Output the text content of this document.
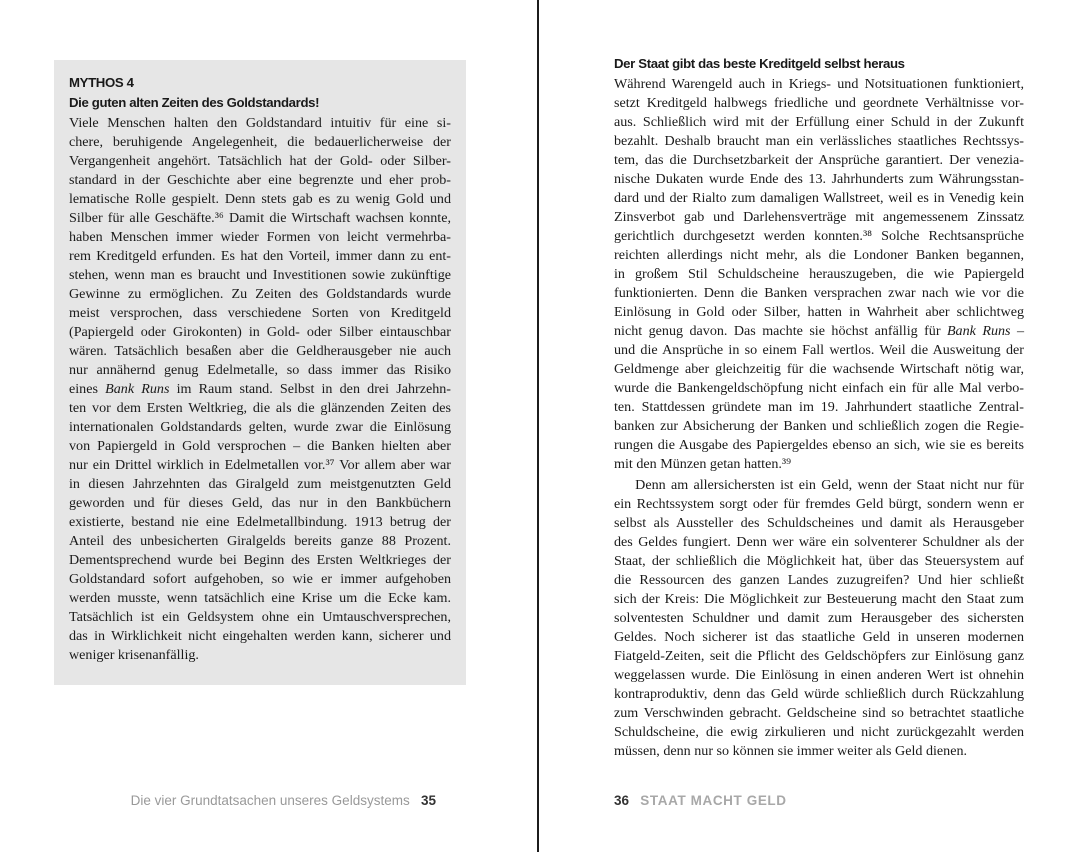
MYTHOS 4
Die guten alten Zeiten des Goldstandards!
Viele Menschen halten den Goldstandard intuitiv für eine si-
chere, beruhigende Angelegenheit, die bedauerlicherweise der
Vergangenheit angehört. Tatsächlich hat der Gold- oder Silber-
standard in der Geschichte aber eine begrenzte und eher prob-
lematische Rolle gespielt. Denn stets gab es zu wenig Gold und
Silber für alle Geschäfte.³⁶ Damit die Wirtschaft wachsen konnte,
haben Menschen immer wieder Formen von leicht vermehrba-
rem Kreditgeld erfunden. Es hat den Vorteil, immer dann zu ent-
stehen, wenn man es braucht und Investitionen sowie zukünftige
Gewinne zu ermöglichen. Zu Zeiten des Goldstandards wurde
meist versprochen, dass verschiedene Sorten von Kreditgeld
(Papiergeld oder Girokonten) in Gold- oder Silber eintauschbar
wären. Tatsächlich besaßen aber die Geldherausgeber nie auch
nur annähernd genug Edelmetalle, so dass immer das Risiko
eines Bank Runs im Raum stand. Selbst in den drei Jahrzehn-
ten vor dem Ersten Weltkrieg, die als die glänzenden Zeiten des
internationalen Goldstandards gelten, wurde zwar die Einlösung
von Papiergeld in Gold versprochen – die Banken hielten aber
nur ein Drittel wirklich in Edelmetallen vor.³⁷ Vor allem aber war
in diesen Jahrzehnten das Giralgeld zum meistgenutzten Geld
geworden und für dieses Geld, das nur in den Bankbüchern
existierte, bestand nie eine Edelmetallbindung. 1913 betrug der
Anteil des unbesicherten Giralgelds bereits ganze 88 Prozent.
Dementsprechend wurde bei Beginn des Ersten Weltkrieges der
Goldstandard sofort aufgehoben, so wie er immer aufgehoben
werden musste, wenn tatsächlich eine Krise um die Ecke kam.
Tatsächlich ist ein Geldsystem ohne ein Umtauschversprechen,
das in Wirklichkeit nicht eingehalten werden kann, sicherer und
weniger krisenanfällig.
Die vier Grundtatsachen unseres Geldsystems 35
Der Staat gibt das beste Kreditgeld selbst heraus
Während Warengeld auch in Kriegs- und Notsituationen funktioniert,
setzt Kreditgeld halbwegs friedliche und geordnete Verhältnisse vor-
aus. Schließlich wird mit der Erfüllung einer Schuld in der Zukunft
bezahlt. Deshalb braucht man ein verlässliches staatliches Rechtssys-
tem, das die Durchsetzbarkeit der Ansprüche garantiert. Der venezia-
nische Dukaten wurde Ende des 13. Jahrhunderts zum Währungsstan-
dard und der Rialto zum damaligen Wallstreet, weil es in Venedig kein
Zinsverbot gab und Darlehensverträge mit angemessenem Zinssatz
gerichtlich durchgesetzt werden konnten.³⁸ Solche Rechtsansprüche
reichten allerdings nicht mehr, als die Londoner Banken begannen,
in großem Stil Schuldscheine herauszugeben, die wie Papiergeld
funktionierten. Denn die Banken versprachen zwar nach wie vor die
Einlösung in Gold oder Silber, hatten in Wahrheit aber schlichtweg
nicht genug davon. Das machte sie höchst anfällig für Bank Runs –
und die Ansprüche in so einem Fall wertlos. Weil die Ausweitung der
Geldmenge aber gleichzeitig für die wachsende Wirtschaft nötig war,
wurde die Bankengeldschöpfung nicht einfach ein für alle Mal verbo-
ten. Stattdessen gründete man im 19. Jahrhundert staatliche Zentral-
banken zur Absicherung der Banken und schließlich zogen die Regie-
rungen die Ausgabe des Papiergeldes ebenso an sich, wie sie es bereits
mit den Münzen getan hatten.³⁹
Denn am allersichersten ist ein Geld, wenn der Staat nicht nur für
ein Rechtssystem sorgt oder für fremdes Geld bürgt, sondern wenn er
selbst als Aussteller des Schuldscheines und damit als Herausgeber
des Geldes fungiert. Denn wer wäre ein solventerer Schuldner als der
Staat, der schließlich die Möglichkeit hat, über das Steuersystem auf
die Ressourcen des ganzen Landes zuzugreifen? Und hier schließt
sich der Kreis: Die Möglichkeit zur Besteuerung macht den Staat zum
solventesten Schuldner und damit zum Herausgeber des sichersten
Geldes. Noch sicherer ist das staatliche Geld in unseren modernen
Fiatgeld-Zeiten, seit die Pflicht des Geldschöpfers zur Einlösung ganz
weggelassen wurde. Die Einlösung in einen anderen Wert ist ohnehin
kontraproduktiv, denn das Geld würde schließlich durch Rückzahlung
zum Verschwinden gebracht. Geldscheine sind so betrachtet staatliche
Schuldscheine, die ewig zirkulieren und nicht zurückgezahlt werden
müssen, denn nur so können sie immer weiter als Geld dienen.
36 STAAT MACHT GELD
